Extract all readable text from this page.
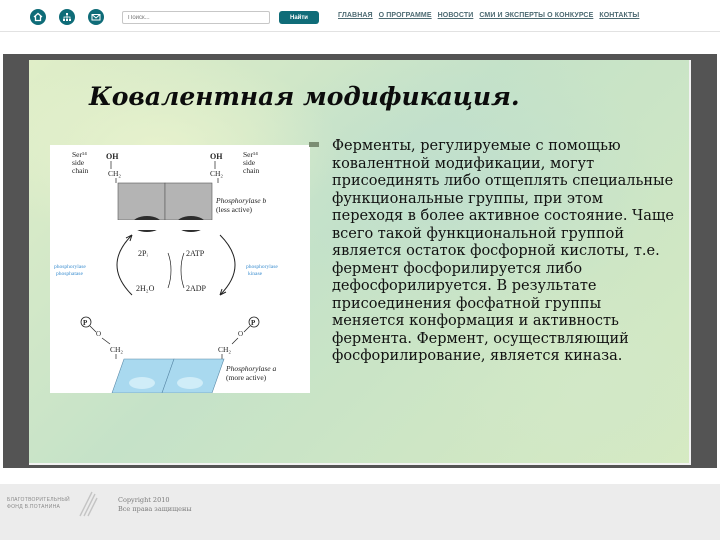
Поиск...
Найти	ГЛАВНАЯ О ПРОГРАММЕ НОВОСТИ СМИ И ЭКСПЕРТЫ О КОНКУРСЕ КОНТАКТЫ
Ковалентная модификация.
Ser¹⁴
side
chain
OH
CH₂
OH
CH₂
Ser¹⁴
side
chain
Phosphorylase b
(less active)
2Pᵢ	2ATP
2H₂O	2ADP
phosphorylase
phosphatase
phosphorylase
kinase
P
O
CH₂
P
O
CH₂
Phosphorylase a
(more active)
Ферменты, регулируемые с помощью ковалентной модификации, могут присоединять либо отщеплять специальные функциональные группы, при этом переходя в более активное состояние. Чаще всего такой функциональной группой является остаток фосфорной кислоты, т.е. фермент фосфорилируется либо дефосфорилируется. В результате присоединения фосфатной группы меняется конформация и активность фермента. Фермент, осуществляющий фосфорилирование, является киназа.
БЛАГОТВОРИТЕЛЬНЫЙ
ФОНД В.ПОТАНИНА
Copyright 2010
Все права защищены
